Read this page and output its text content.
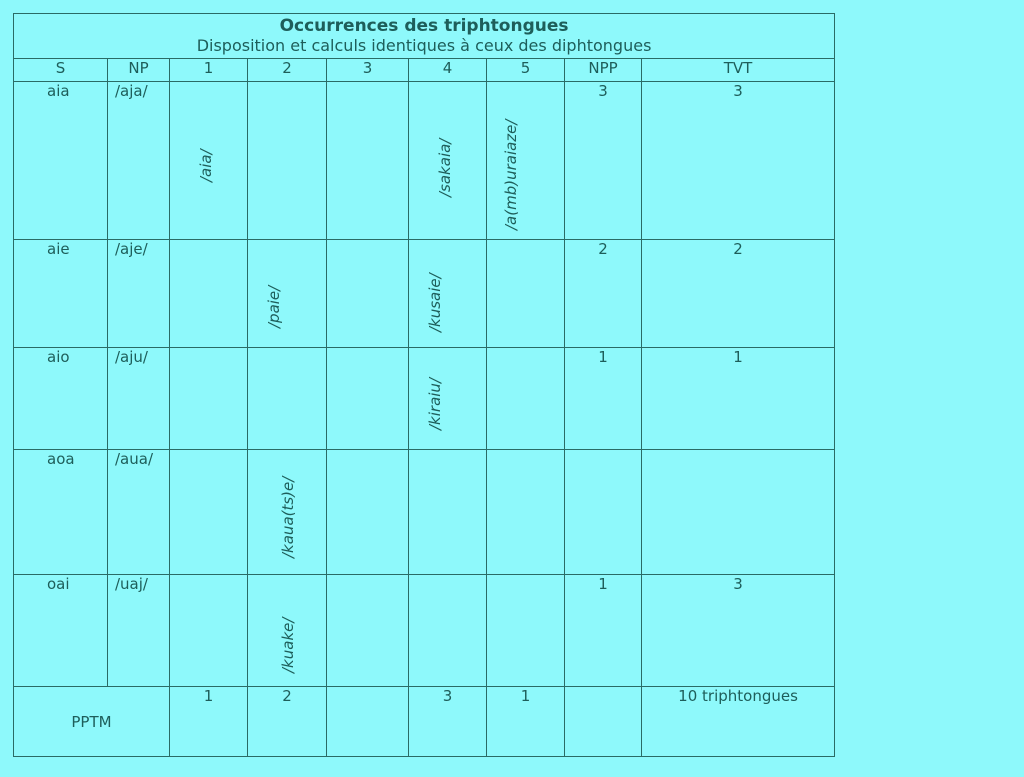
Occurrences des triphtongues
Disposition et calculs identiques à ceux des diphtongues								

S	NP	1	2	3	4	5	NPP	TVT
aia	/aja/	/aia/			/sakaia/	/a(mb)uraiaze/	3	3
aie	/aje/		/paie/		/kusaie/		2	2
aio	/aju/				/kiraiu/		1	1
aoa	/aua/		/kaua(ts)e/					

oai	/uaj/		/kuake/				1	3
PPTM		1	2		3	1		10 triphtongues
